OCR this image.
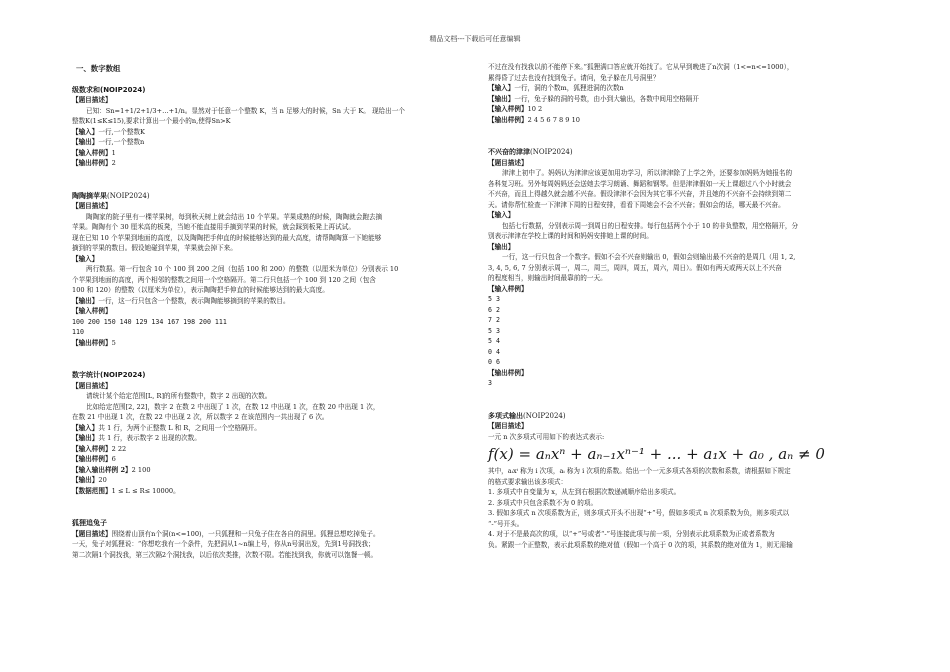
精品文档---下载后可任意编辑
一、数字数组
级数求和(NOIP2024)
【题目描述】
已知：Sn=1+1/2+1/3+…+1/n。显然对于任意一个整数 K，当 n 足够大的时候，Sn 大于 K。 现给出一个
整数K(1≤K≤15),要求计算出一个最小的n,使得Sn>K
【输入】一行,一个整数K
【输出】一行,一个整数n
【输入样例】1
【输出样例】2
陶陶摘苹果(NOIP2024)
【题目描述】
陶陶家的院子里有一棵苹果树，每到秋天树上就会结出 10 个苹果。苹果成熟的时候，陶陶就会跑去摘
苹果。陶陶有个 30 厘米高的板凳，当她不能直接用手摘到苹果的时候，就会踩到板凳上再试试。
现在已知 10 个苹果到地面的高度，以及陶陶把手伸直的时候能够达到的最大高度，请帮陶陶算一下她能够
摘到的苹果的数目。假设她碰到苹果，苹果就会掉下来。
【输入】
两行数据。第一行包含 10 个 100 到 200 之间（包括 100 和 200）的整数（以厘米为单位）分别表示 10
个苹果到地面的高度，两个相邻的整数之间用一个空格隔开。第二行只包括一个 100 到 120 之间（包含
100 和 120）的整数（以厘米为单位），表示陶陶把手伸直的时候能够达到的最大高度。
【输出】一行，这一行只包含一个整数，表示陶陶能够摘到的苹果的数目。
【输入样例】
100 200 150 140 129 134 167 198 200 111
110
【输出样例】5
数字统计(NOIP2024)
【题目描述】
请统计某个给定范围[L, R]的所有整数中，数字 2 出现的次数。
比如给定范围[2, 22]，数字 2 在数 2 中出现了 1 次，在数 12 中出现 1 次，在数 20 中出现 1 次，
在数 21 中出现 1 次，在数 22 中出现 2 次，所以数字 2 在该范围内一共出现了 6 次。
【输入】共 1 行，为两个正整数 L 和 R，之间用一个空格隔开。
【输出】共 1 行，表示数字 2 出现的次数。
【输入样例】2 22
【输出样例】6
【输入输出样例 2】2 100
【输出】20
【数据范围】1 ≤ L ≤ R≤ 10000。
狐狸追兔子
【题目描述】围绕着山顶有n个洞(n<=100)，一只狐狸和一只兔子住在各自的洞里。狐狸总想吃掉兔子。
一天，兔子对狐狸说：“你想吃我有一个条件，先把洞从1~n编上号，你从n号洞出发，先到1号洞找我；
第二次隔1个洞找我，第三次隔2个洞找我，以后依次类推，次数不限。若能找到我，你就可以饱餐一顿。
不过在没有找我以前不能停下来。”狐狸满口答应就开始找了。它从早到晚进了n次洞（1<=n<=1000），
累得昏了过去也没有找到兔子。请问，兔子躲在几号洞里？
【输入】一行，洞的个数m，狐狸进洞的次数n
【输出】一行，兔子躲的洞的号数，由小到大输出，各数中间用空格隔开
【输入样例】10 2
【输出样例】2 4 5 6 7 8 9 10
不兴奋的津津(NOIP2024)
【题目描述】
津津上初中了。妈妈认为津津应该更加用功学习，所以津津除了上学之外，还要参加妈妈为她报名的
各科复习班。另外每周妈妈还会送她去学习朗诵、舞蹈和钢琴。但是津津假如一天上课超过八个小时就会
不兴奋，而且上得越久就会越不兴奋。假设津津不会因为其它事不兴奋，并且她的不兴奋不会持续到第二
天。请你帮忙检查一下津津下周的日程安排，看看下周她会不会不兴奋；假如会的话，哪天最不兴奋。
【输入】
包括七行数据，分别表示周一到周日的日程安排。每行包括两个小于 10 的非负整数，用空格隔开，分
别表示津津在学校上课的时间和妈妈安排她上课的时间。
【输出】
一行，这一行只包含一个数字。假如不会不兴奋则输出 0，假如会则输出最不兴奋的是周几（用 1, 2,
3, 4, 5, 6, 7 分别表示周一，周二，周三，周四，周五，周六，周日）。假如有两天或两天以上不兴奋
的程度相当，则输出时间最靠前的一天。
【输入样例】
5 3
6 2
7 2
5 3
5 4
0 4
0 6
【输出样例】
3
多项式输出(NOIP2024)
【题目描述】
一元 n 次多项式可用如下的表达式表示:
f(x) = aₙxⁿ + aₙ₋₁xⁿ⁻¹ + ... + a₁x + a₀ , aₙ ≠ 0
其中，aᵢxⁱ 称为 i 次项，aᵢ 称为 i 次项的系数。给出一个一元多项式各项的次数和系数，请根据如下规定
的格式要求输出该多项式：
1. 多项式中自变量为 x，从左到右根据次数递减顺序给出多项式。
2. 多项式中只包含系数不为 0 的项。
3. 假如多项式 n 次项系数为正，则多项式开头不出现“+”号，假如多项式 n 次项系数为负，则多项式以
“-”号开头。
4. 对于不是最高次的项，以“+”号或者“-”号连接此项与前一项，分别表示此项系数为正或者系数为
负。紧跟一个正整数，表示此项系数的绝对值（假如一个高于 0 次的项，其系数的绝对值为 1，则无需输
